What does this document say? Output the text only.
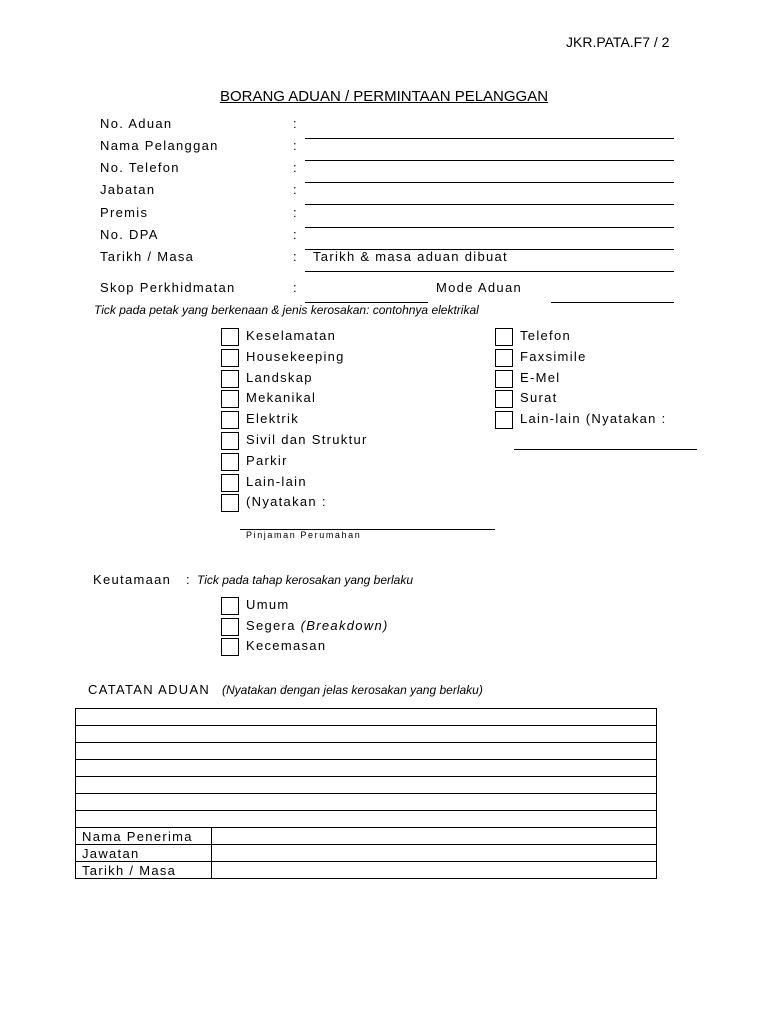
JKR.PATA.F7 / 2
BORANG ADUAN / PERMINTAAN PELANGGAN
No. Aduan	:
Nama Pelanggan	:
No. Telefon	:
Jabatan	:
Premis	:
No. DPA	:
Tarikh / Masa	: Tarikh & masa aduan dibuat
Skop Perkhidmatan	:	Mode Aduan
Tick pada petak yang berkenaan & jenis kerosakan: contohnya elektrikal
Keselamatan
Housekeeping
Landskap
Mekanikal
Elektrik
Sivil dan Struktur
Parkir
Lain-lain
(Nyatakan :
Pinjaman Perumahan
Telefon
Faxsimile
E-Mel
Surat
Lain-lain (Nyatakan :
Keutamaan : Tick pada tahap kerosakan yang berlaku
Umum
Segera (Breakdown)
Kecemasan
CATATAN ADUAN (Nyatakan dengan jelas kerosakan yang berlaku)

Nama Penerima	
Jawatan	
Tarikh / Masa	
